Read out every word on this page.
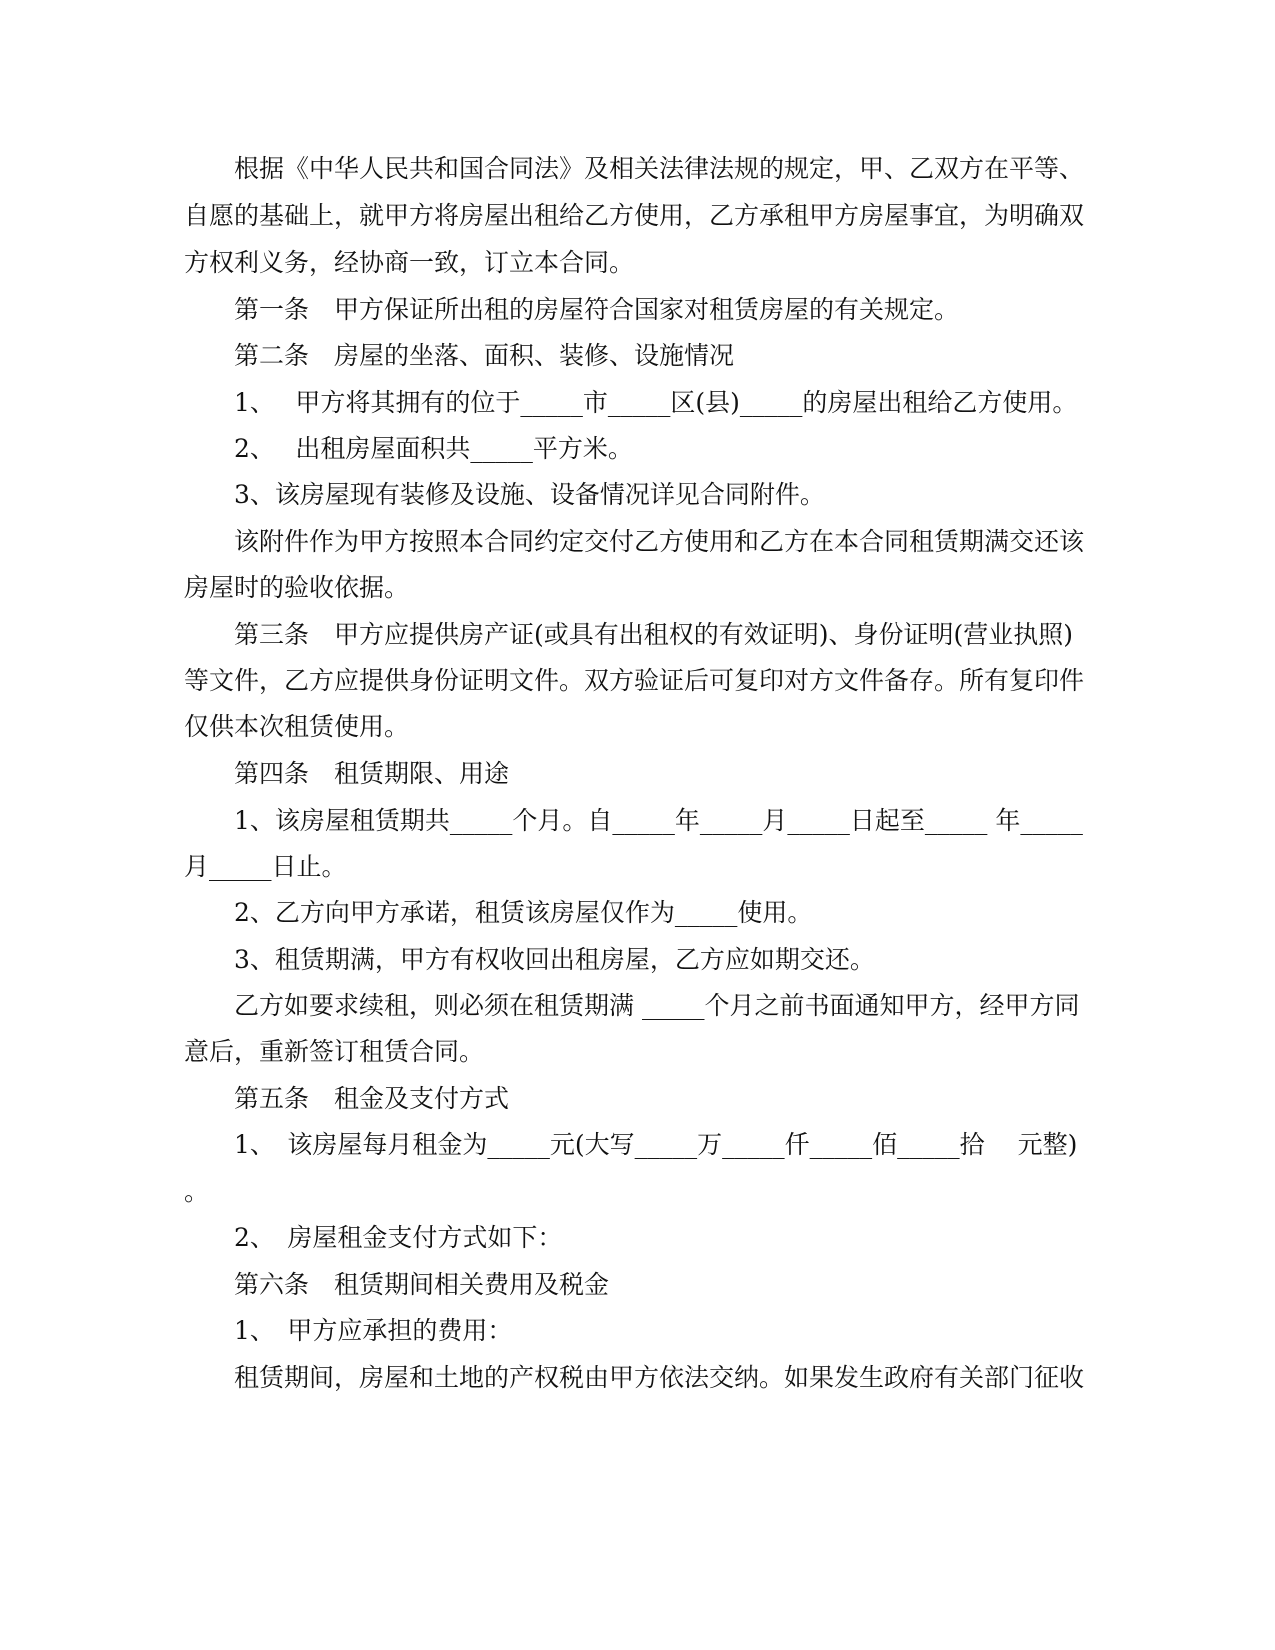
根据《中华人民共和国合同法》及相关法律法规的规定，甲、乙双方在平等、
自愿的基础上，就甲方将房屋出租给乙方使用，乙方承租甲方房屋事宜，为明确双
方权利义务，经协商一致，订立本合同。
第一条　甲方保证所出租的房屋符合国家对租赁房屋的有关规定。
第二条　房屋的坐落、面积、装修、设施情况
1、　 甲方将其拥有的位于_____市_____区(县)_____的房屋出租给乙方使用。
2、　 出租房屋面积共_____平方米。
3、该房屋现有装修及设施、设备情况详见合同附件。
该附件作为甲方按照本合同约定交付乙方使用和乙方在本合同租赁期满交还该
房屋时的验收依据。
第三条　甲方应提供房产证(或具有出租权的有效证明)、身份证明(营业执照)
等文件，乙方应提供身份证明文件。双方验证后可复印对方文件备存。所有复印件
仅供本次租赁使用。
第四条　租赁期限、用途
1、该房屋租赁期共_____个月。自_____年_____月_____日起至_____ 年_____
月_____日止。
2、乙方向甲方承诺，租赁该房屋仅作为_____使用。
3、租赁期满，甲方有权收回出租房屋，乙方应如期交还。
乙方如要求续租，则必须在租赁期满 _____个月之前书面通知甲方，经甲方同
意后，重新签订租赁合同。
第五条　租金及支付方式
1、　该房屋每月租金为_____元(大写_____万_____仟_____佰_____拾　 元整)
。
2、　房屋租金支付方式如下：
第六条　租赁期间相关费用及税金
1、　甲方应承担的费用：
租赁期间，房屋和土地的产权税由甲方依法交纳。如果发生政府有关部门征收
